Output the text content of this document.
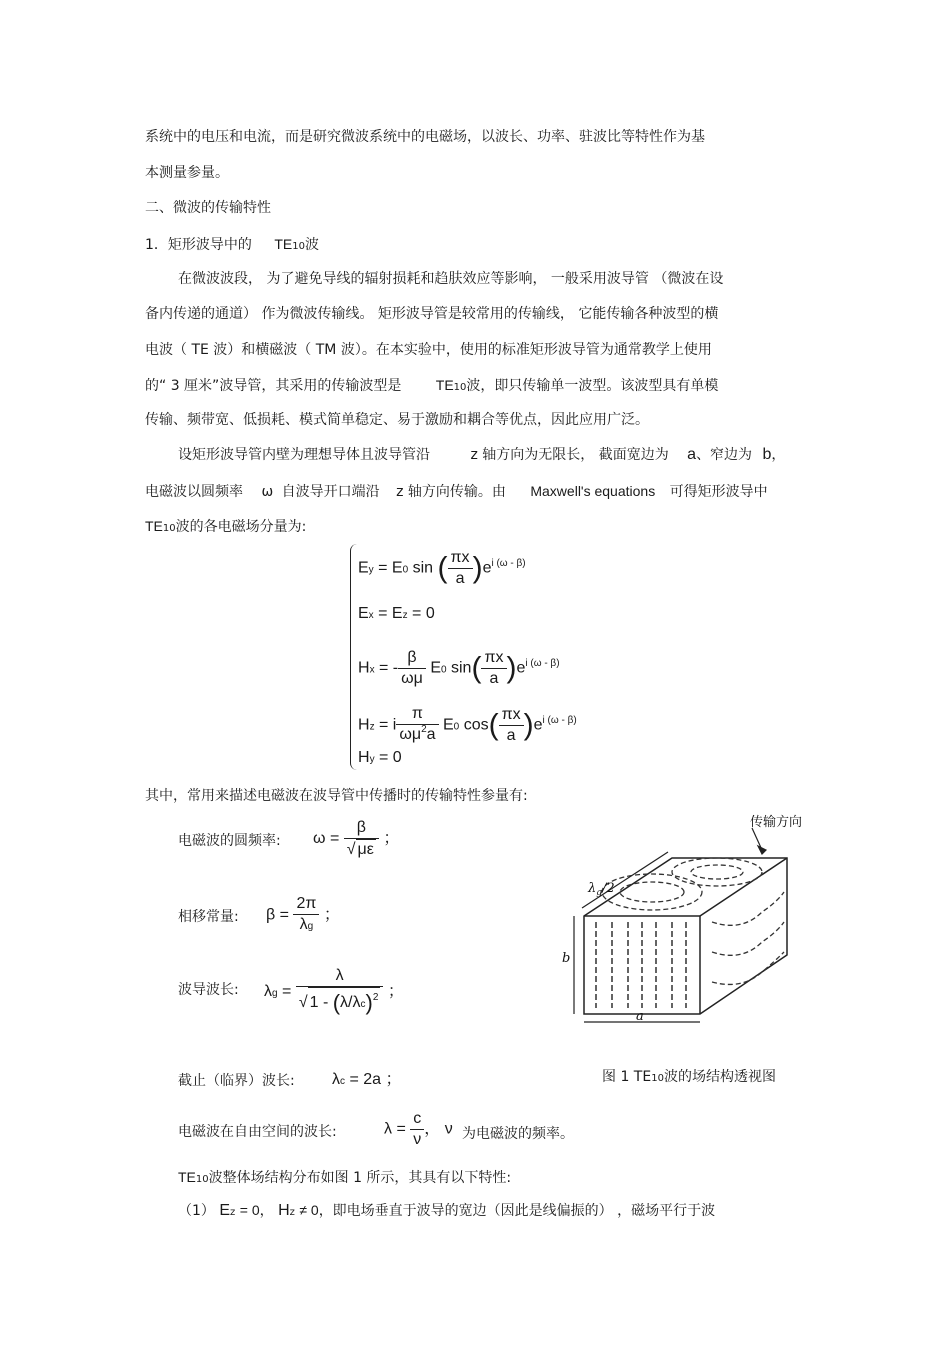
系统中的电压和电流，而是研究微波系统中的电磁场，以波长、功率、驻波比等特性作为基
本测量参量。
二、微波的传输特性
1．矩形波导中的 TE10波
在微波波段， 为了避免导线的辐射损耗和趋肤效应等影响， 一般采用波导管 （微波在设
备内传递的通道） 作为微波传输线。 矩形波导管是较常用的传输线， 它能传输各种波型的横
电波（ TE 波）和横磁波（ TM 波）。在本实验中，使用的标准矩形波导管为通常教学上使用
的“ 3 厘米”波导管，其采用的传输波型是 TE10波，即只传输单一波型。该波型具有单模
传输、频带宽、低损耗、模式简单稳定、易于激励和耦合等优点，因此应用广泛。
设矩形波导管内壁为理想导体且波导管沿	z 轴方向为无限长， 截面宽边为 a、窄边为 b，
电磁波以圆频率 ω 自波导开口端沿 z 轴方向传输。由 Maxwell's equations 可得矩形波导中
TE10波的各电磁场分量为:
Ey = E0 sin ( $\frac{\pi x}{a} )e^{i (\omega - \beta)}$
Ex = Ez = 0
Hx = - $\frac{\beta}{\omega\mu} E0$ $\sin( \frac{\pi x}{a} )e^{i (\omega - \beta)}$
Hz = i $\frac{\pi}{\omega\mu^2a} E0$ $\cos( \frac{\pi x}{a} )e^{i (\omega - \beta)}$
Hy = 0
其中，常用来描述电磁波在波导管中传播时的传输特性参量有:
电磁波的圆频率: $\omega = \frac{\beta}{√ \mu\varepsilon}$ ；
相移常量: $\beta = \frac{2\pi}{\lambda g}$ ；
波导波长: $\lambda g = \frac{\lambda}{√ 1 - (\lambda/\lambda c)^2}$ ；
截止（临界）波长: λc = 2a ；
电磁波在自由空间的波长:	$\lambda = \frac{c}{\nu}$ ， ν 为电磁波的频率。
传输方向
$\lambda_g/2$
b
a
图 1 TE10波的场结构透视图
TE10波整体场结构分布如图 1 所示，其具有以下特性:
（1） Ez = 0， Hz ≠ 0，即电场垂直于波导的宽边（因此是线偏振的） ，磁场平行于波
